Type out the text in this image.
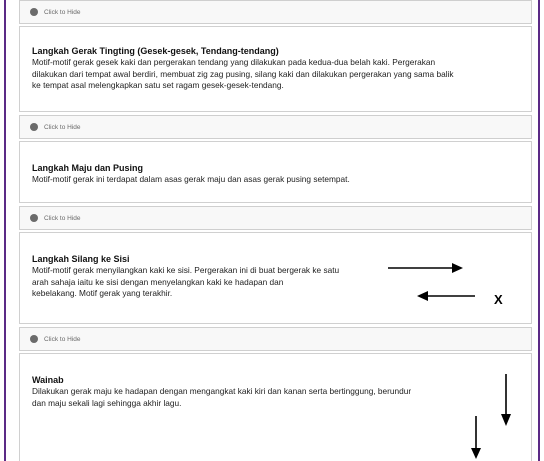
Click to Hide
Langkah Gerak Tingting (Gesek-gesek, Tendang-tendang)

Motif-motif gerak gesek kaki dan pergerakan tendang yang dilakukan pada kedua-dua belah kaki. Pergerakan

dilakukan dari tempat awal berdiri, membuat zig zag pusing, silang kaki dan dilakukan pergerakan yang sama balik

ke tempat asal melengkapkan satu set ragam gesek-gesek-tendang.

Click to Hide
Langkah Maju dan Pusing

Motif-motif gerak ini terdapat dalam asas gerak maju dan asas gerak pusing setempat.

Click to Hide
Langkah Silang ke Sisi

Motif-motif gerak menyilangkan kaki ke sisi. Pergerakan ini di buat bergerak ke satu

arah sahaja iaitu ke sisi dengan menyelangkan kaki ke hadapan dan

kebelakang. Motif gerak yang terakhir.

Click to Hide
Wainab

Dilakukan gerak maju ke hadapan dengan mengangkat kaki kiri dan kanan serta bertinggung, berundur

dan maju sekali lagi sehingga akhir lagu.

X
